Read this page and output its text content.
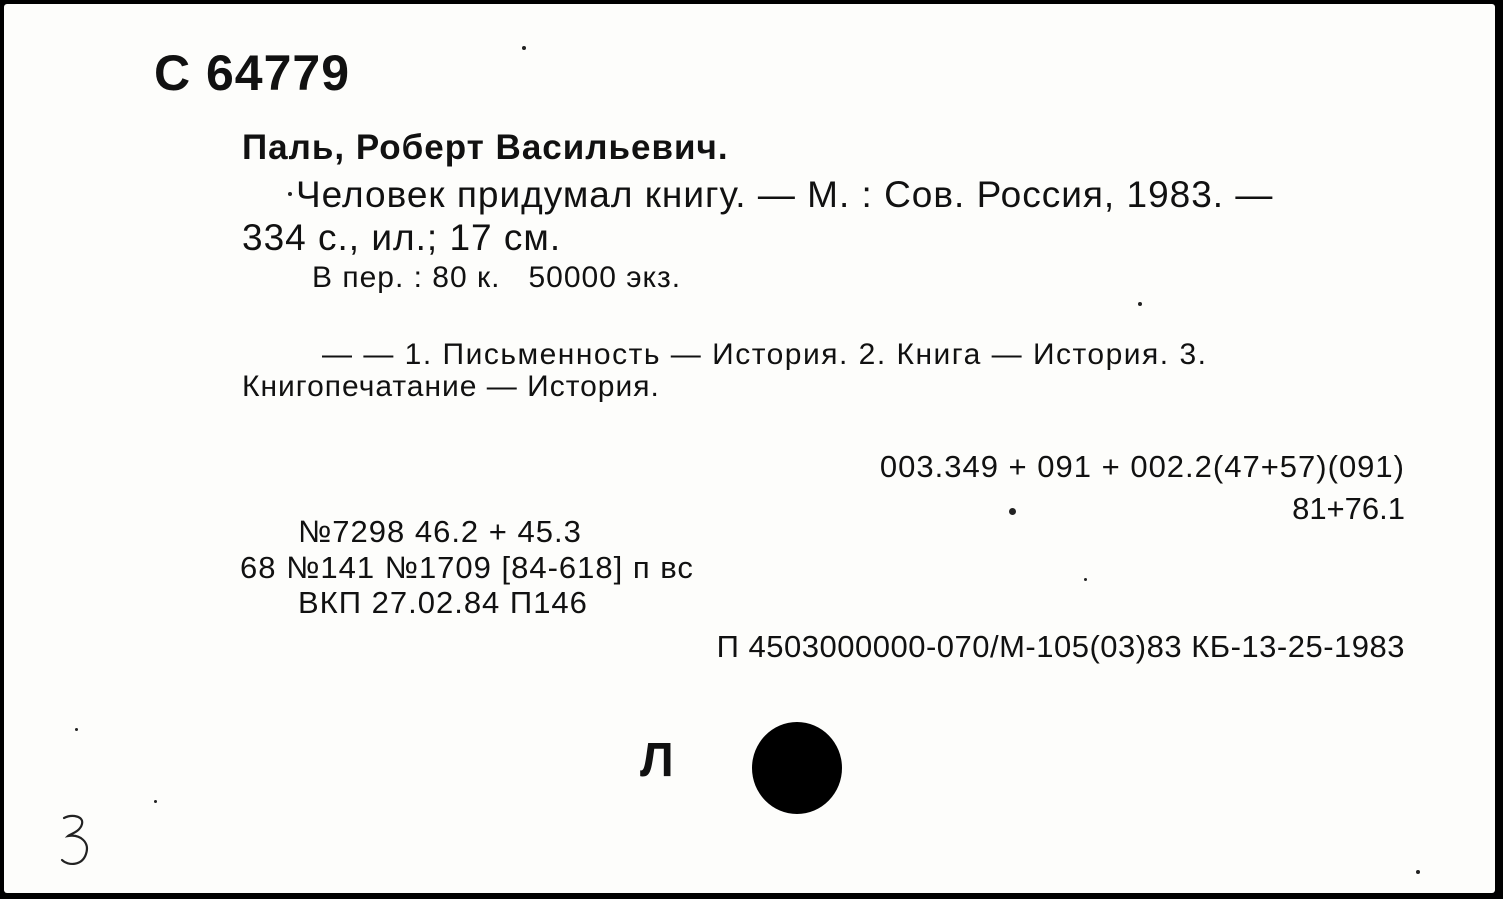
С 64779

Паль, Роберт Васильевич.

Человек придумал книгу. — М. : Сов. Россия, 1983. —

334 с., ил.; 17 см.

В пер. : 80 к.   50000 экз.

— — 1. Письменность — История. 2. Книга — История. 3.

Книгопечатание — История.

003.349 + 091 + 002.2(47+57)(091)

81+76.1

№7298 46.2 + 45.3

68 №141 №1709 [84-618] п вс

ВКП 27.02.84 П146

П 4503000000-070/М-105(03)83 КБ-13-25-1983

Л

3
